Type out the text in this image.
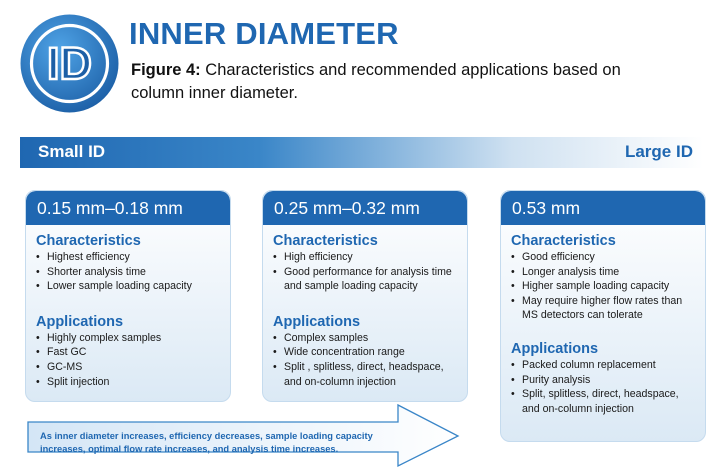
ID
INNER DIAMETER
Figure 4: Characteristics and recommended applications based on column inner diameter.
Small ID	Large ID
0.15 mm–0.18 mm
Characteristics
• Highest efficiency
• Shorter analysis time
• Lower sample loading capacity
Applications
• Highly complex samples
• Fast GC
• GC-MS
• Split injection
0.25 mm–0.32 mm
Characteristics
• High efficiency
• Good performance for analysis time and sample loading capacity
Applications
• Complex samples
• Wide concentration range
• Split , splitless, direct, headspace, and on-column injection
0.53 mm
Characteristics
• Good efficiency
• Longer analysis time
• Higher sample loading capacity
• May require higher flow rates than MS detectors can tolerate
Applications
• Packed column replacement
• Purity analysis
• Split, splitless, direct, headspace, and on-column injection
As inner diameter increases, efficiency decreases, sample loading capacity increases, optimal flow rate increases, and analysis time increases.
